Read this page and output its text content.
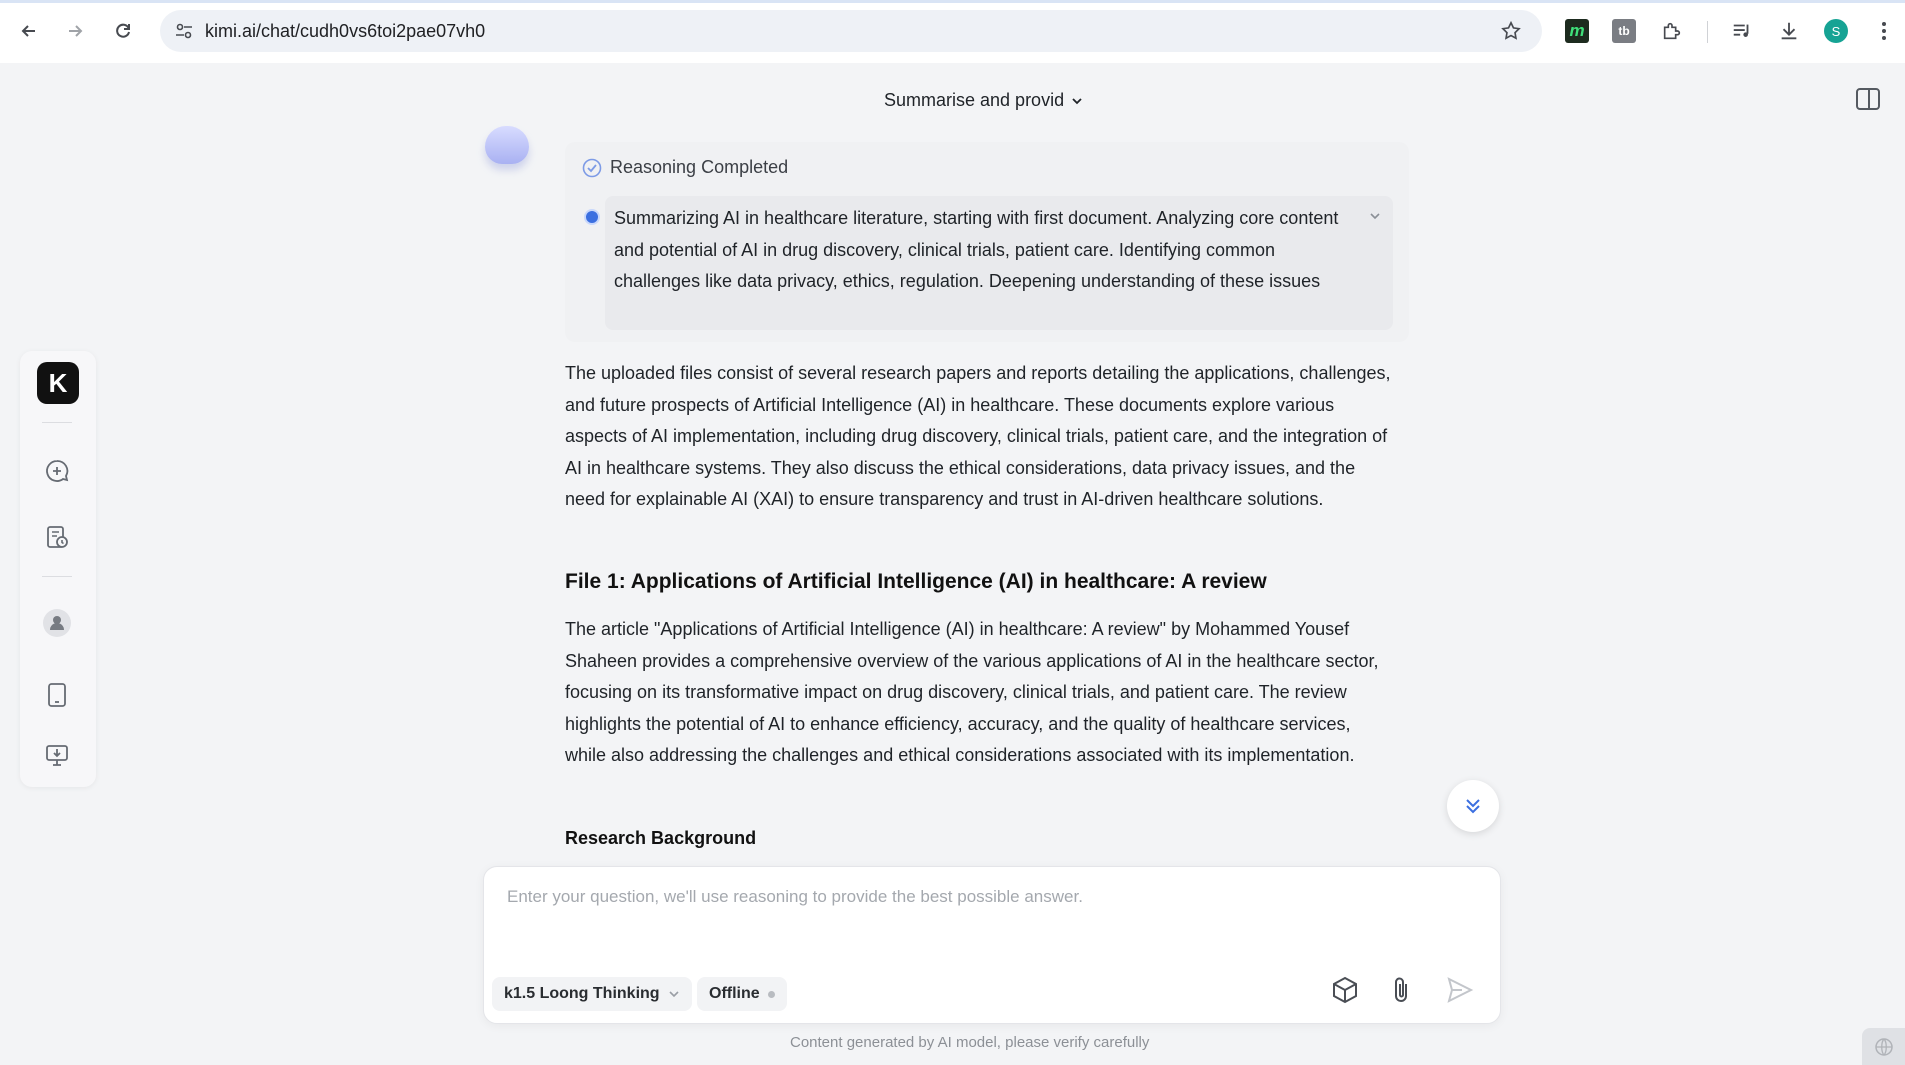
kimi.ai/chat/cudh0vs6toi2pae07vh0	m	tb	S
Summarise and provid
K
Reasoning Completed
Summarizing AI in healthcare literature, starting with first document. Analyzing core content and potential of AI in drug discovery, clinical trials, patient care. Identifying common challenges like data privacy, ethics, regulation. Deepening understanding of these issues
The uploaded files consist of several research papers and reports detailing the applications, challenges, and future prospects of Artificial Intelligence (AI) in healthcare. These documents explore various aspects of AI implementation, including drug discovery, clinical trials, patient care, and the integration of AI in healthcare systems. They also discuss the ethical considerations, data privacy issues, and the need for explainable AI (XAI) to ensure transparency and trust in AI-driven healthcare solutions.
File 1: Applications of Artificial Intelligence (AI) in healthcare: A review
The article "Applications of Artificial Intelligence (AI) in healthcare: A review" by Mohammed Yousef Shaheen provides a comprehensive overview of the various applications of AI in the healthcare sector, focusing on its transformative impact on drug discovery, clinical trials, and patient care. The review highlights the potential of AI to enhance efficiency, accuracy, and the quality of healthcare services, while also addressing the challenges and ethical considerations associated with its implementation.
Research Background
Enter your question, we'll use reasoning to provide the best possible answer.
k1.5 Loong Thinking	Offline
Content generated by AI model, please verify carefully
